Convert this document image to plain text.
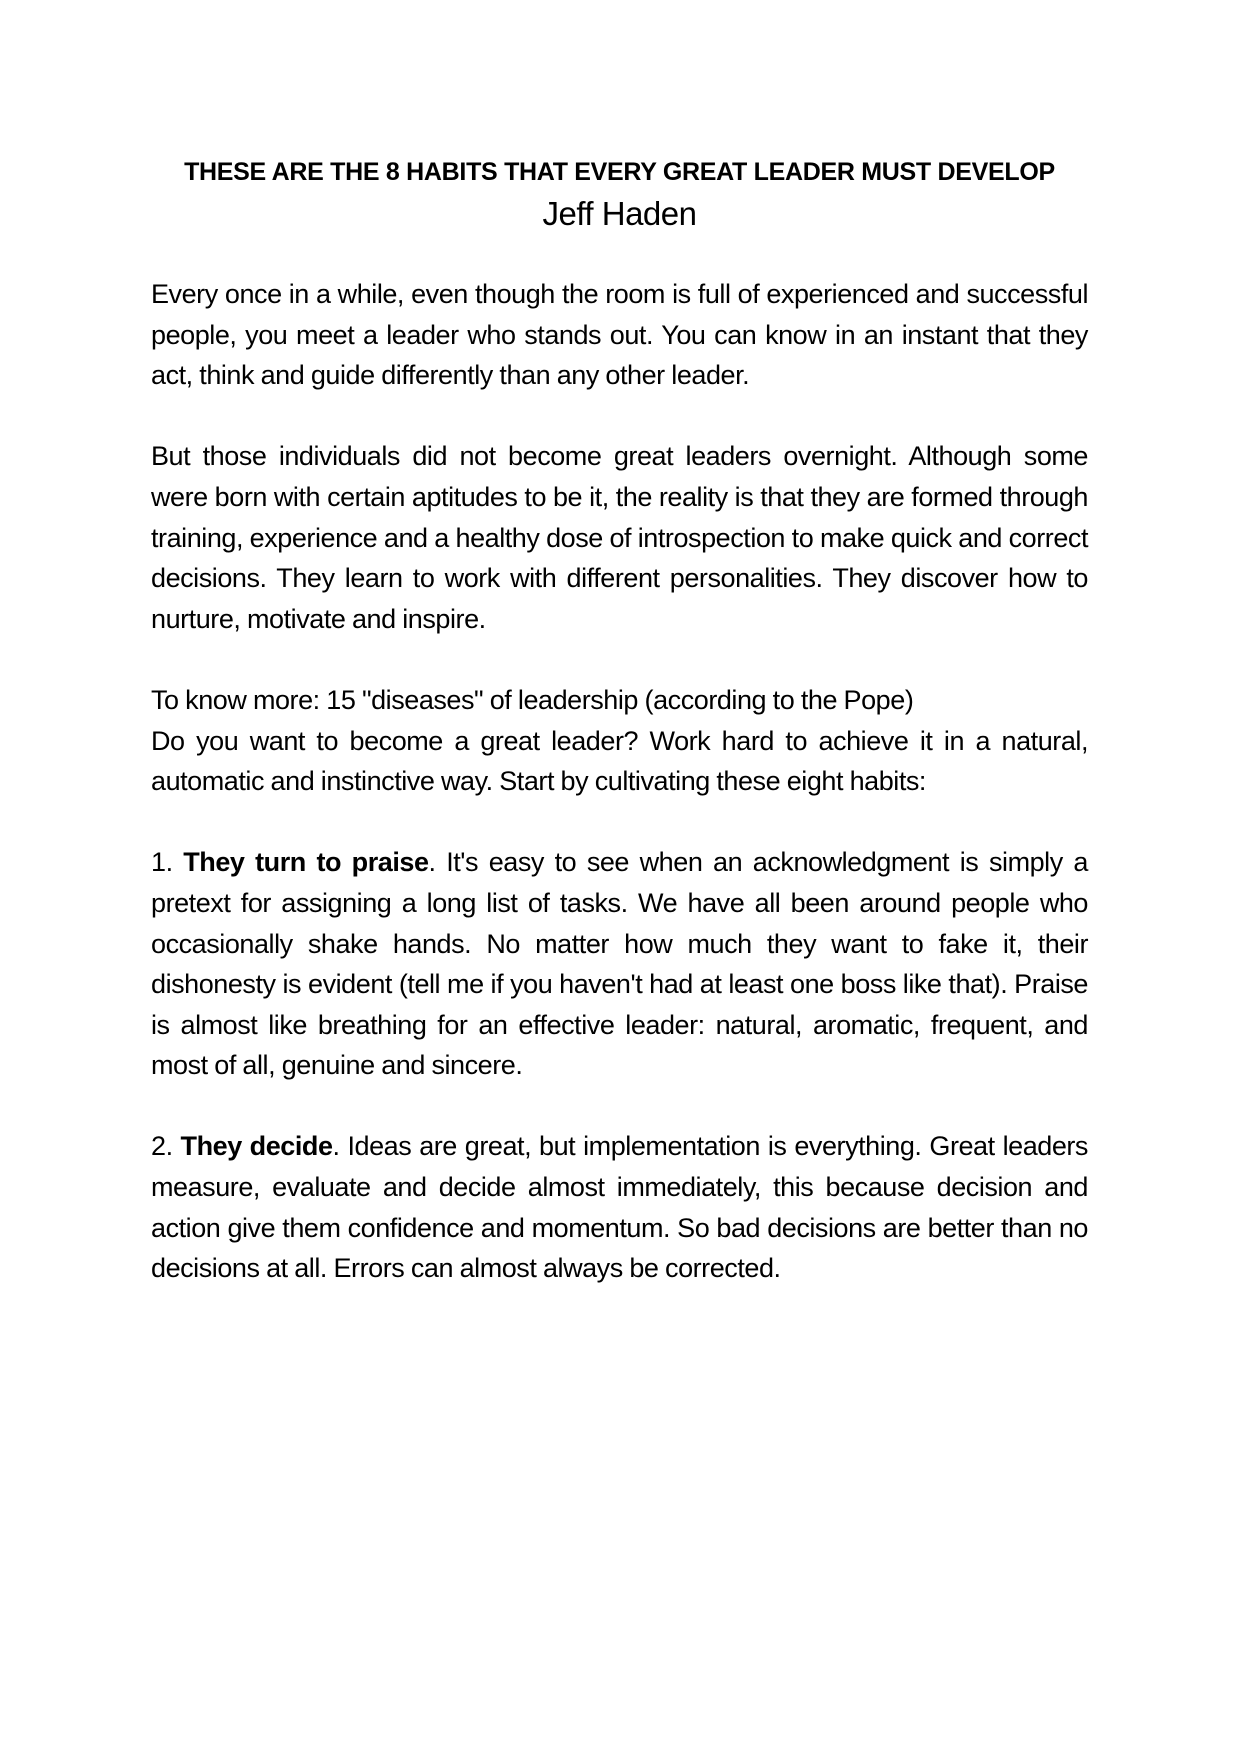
THESE ARE THE 8 HABITS THAT EVERY GREAT LEADER MUST DEVELOP

Jeff Haden

Every once in a while, even though the room is full of experienced and successful people, you meet a leader who stands out. You can know in an instant that they act, think and guide differently than any other leader.

But those individuals did not become great leaders overnight. Although some were born with certain aptitudes to be it, the reality is that they are formed through training, experience and a healthy dose of introspection to make quick and correct decisions. They learn to work with different personalities. They discover how to nurture, motivate and inspire.

To know more: 15 "diseases" of leadership (according to the Pope)

Do you want to become a great leader? Work hard to achieve it in a natural, automatic and instinctive way. Start by cultivating these eight habits:

1. They turn to praise. It's easy to see when an acknowledgment is simply a pretext for assigning a long list of tasks. We have all been around people who occasionally shake hands. No matter how much they want to fake it, their dishonesty is evident (tell me if you haven't had at least one boss like that). Praise is almost like breathing for an effective leader: natural, aromatic, frequent, and most of all, genuine and sincere.

2. They decide. Ideas are great, but implementation is everything. Great leaders measure, evaluate and decide almost immediately, this because decision and action give them confidence and momentum. So bad decisions are better than no decisions at all. Errors can almost always be corrected.
